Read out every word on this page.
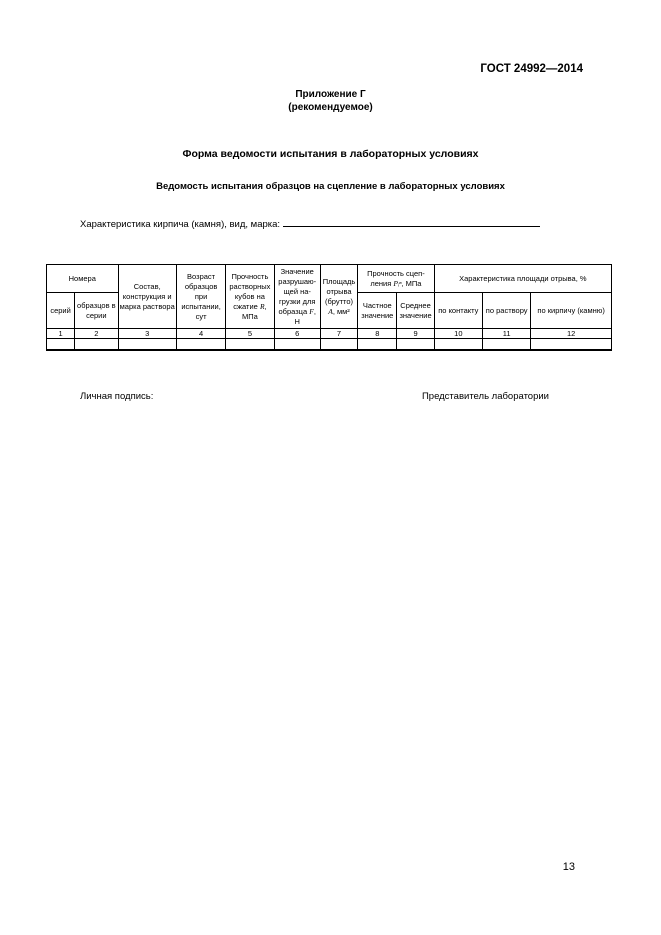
ГОСТ 24992—2014
Приложение Г
(рекомендуемое)
Форма ведомости испытания в лабораторных условиях
Ведомость испытания образцов на сцепление в лабораторных условиях
Характеристика кирпича (камня), вид, марка:
Номера		Состав, конструкция и марка раствора	Возраст образцов при испытании, сут	Прочность растворных кубов на сжатие R, МПа	Значение разрушаю-щей на-грузки для образца F, Н	Площадь отрыва (брутто) A, мм²	Прочность сцеп-ления Pᵢⁿ, МПа		Характеристика площади отрыва, %		
серий	образцов в серии						Частное значение	Среднее значение	по контакту	по раствору	по кирпичу (камню)
1	2	3	4	5	6	7	8	9	10	11	12

Личная подпись:	Представитель лаборатории
13
